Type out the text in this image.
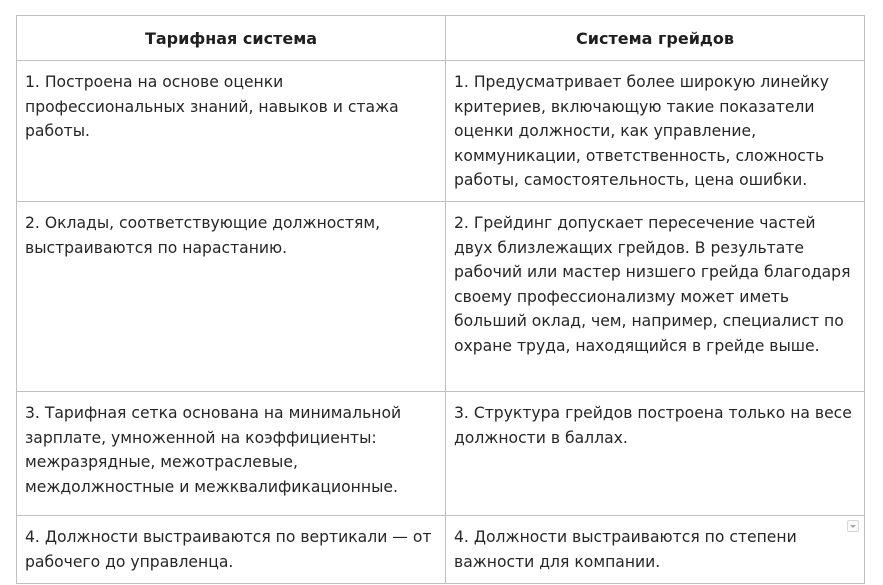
Тарифная система	Система грейдов
1. Построена на основе оценки профессиональных знаний, навыков и стажа работы.	1. Предусматривает более широкую линейку критериев, включающую такие показатели оценки должности, как управление, коммуникации, ответственность, сложность работы, самостоятельность, цена ошибки.
2. Оклады, соответствующие должностям, выстраиваются по нарастанию.	2. Грейдинг допускает пересечение частей двух близлежащих грейдов. В результате рабочий или мастер низшего грейда благодаря своему профессионализму может иметь больший оклад, чем, например, специалист по охране труда, находящийся в грейде выше.
3. Тарифная сетка основана на минимальной зарплате, умноженной на коэффициенты: межразрядные, межотраслевые, междолжностные и межквалификационные.	3. Структура грейдов построена только на весе должности в баллах.
4. Должности выстраиваются по вертикали — от рабочего до управленца.	4. Должности выстраиваются по степени важности для компании.
